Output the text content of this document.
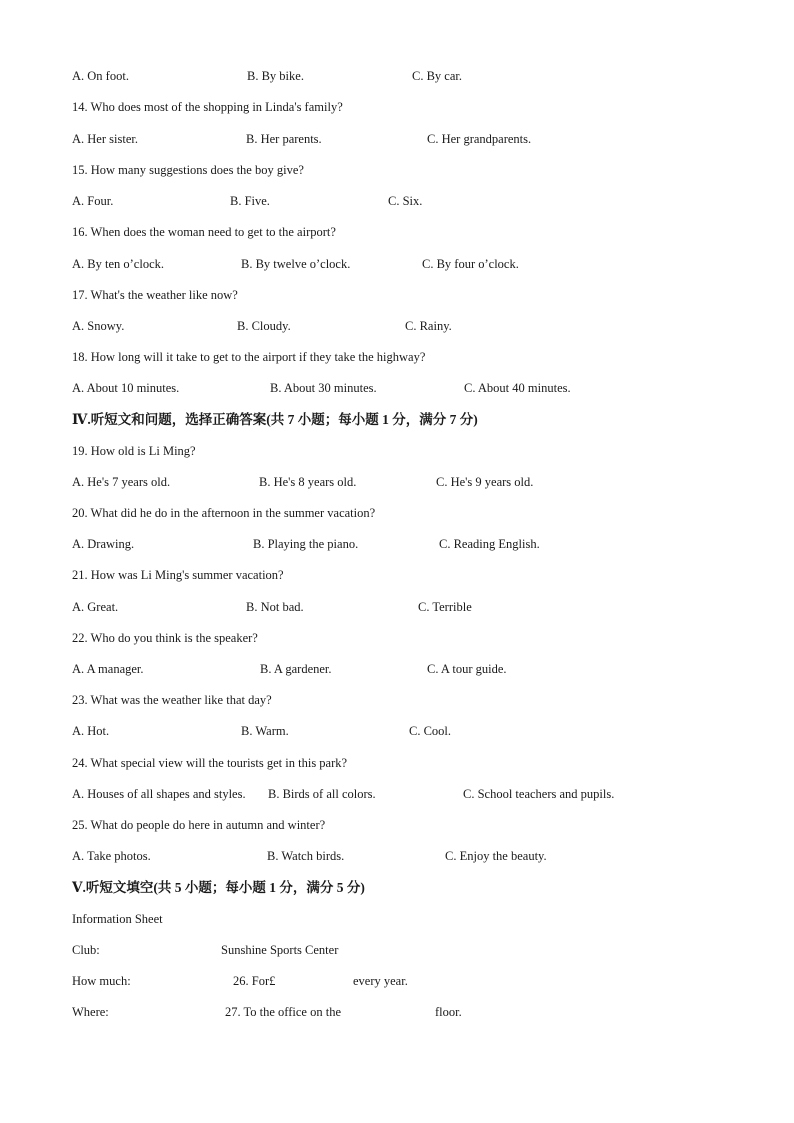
A. On foot.	B. By bike.	C. By car.
14. Who does most of the shopping in Linda's family?
A. Her sister.	B. Her parents.	C. Her grandparents.
15. How many suggestions does the boy give?
A. Four.	B. Five.	C. Six.
16. When does the woman need to get to the airport?
A. By ten o’clock.	B. By twelve o’clock.	C. By four o’clock.
17. What's the weather like now?
A. Snowy.	B. Cloudy.	C. Rainy.
18. How long will it take to get to the airport if they take the highway?
A. About 10 minutes.	B. About 30 minutes.	C. About 40 minutes.
Ⅳ.听短文和问题，选择正确答案(共 7 小题；每小题 1 分，满分 7 分)
19. How old is Li Ming?
A. He's 7 years old.	B. He's 8 years old.	C. He's 9 years old.
20. What did he do in the afternoon in the summer vacation?
A. Drawing.	B. Playing the piano.	C. Reading English.
21. How was Li Ming's summer vacation?
A. Great.	B. Not bad.	C. Terrible
22. Who do you think is the speaker?
A. A manager.	B. A gardener.	C. A tour guide.
23. What was the weather like that day?
A. Hot.	B. Warm.	C. Cool.
24. What special view will the tourists get in this park?
A. Houses of all shapes and styles. B. Birds of all colors.	C. School teachers and pupils.
25. What do people do here in autumn and winter?
A. Take photos.	B. Watch birds.	C. Enjoy the beauty.
Ⅴ.听短文填空(共 5 小题；每小题 1 分，满分 5 分)
Information Sheet
Club:	Sunshine Sports Center
How much:	26. For£	every year.
Where:	27. To the office on the	floor.
